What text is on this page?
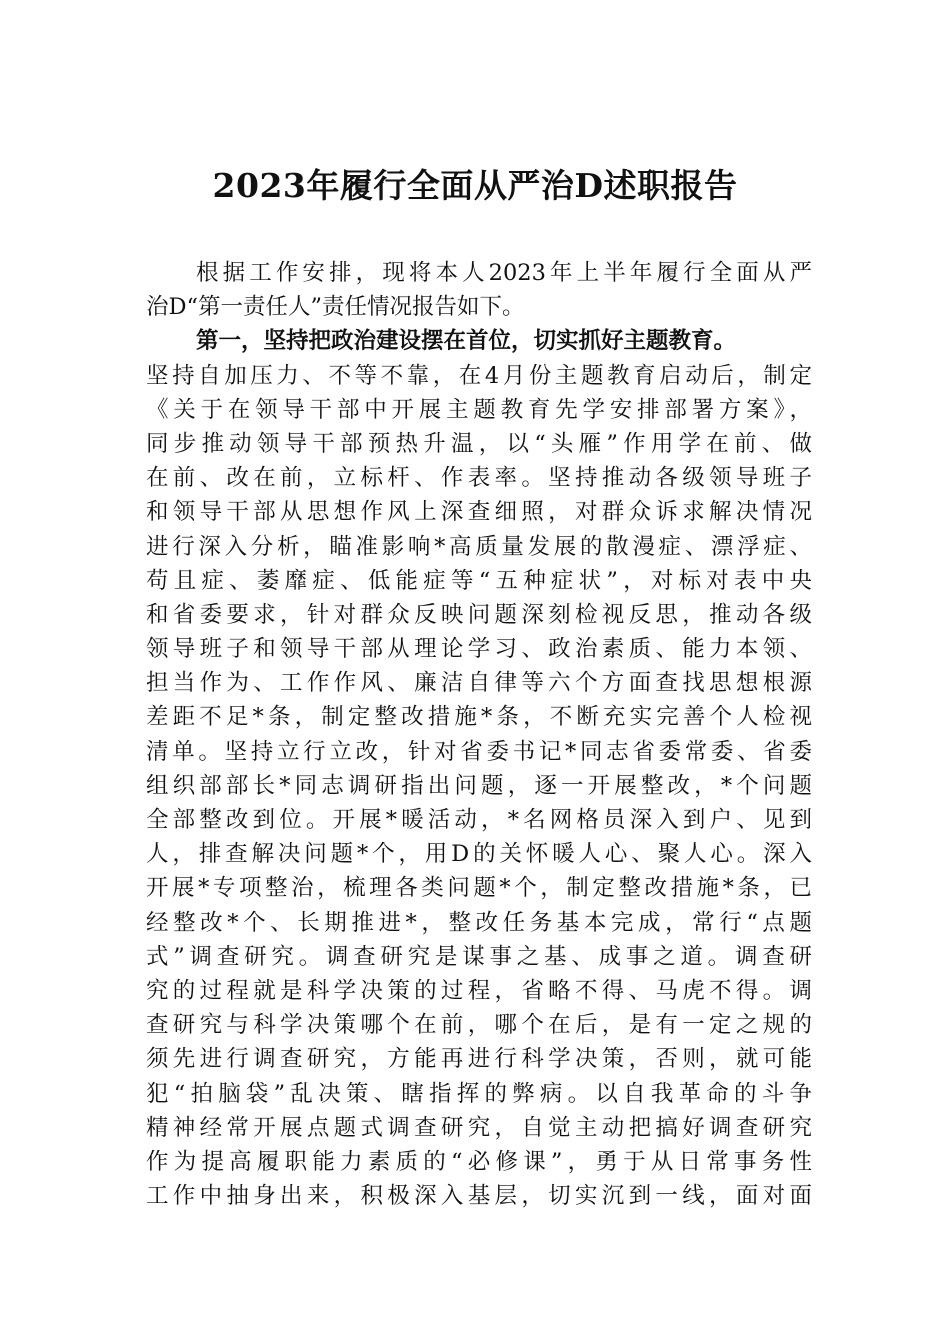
2023年履行全面从严治D述职报告
根据工作安排，现将本人2023年上半年履行全面从严
治D“第一责任人”责任情况报告如下。
第一，坚持把政治建设摆在首位，切实抓好主题教育。
坚持自加压力、不等不靠，在4月份主题教育启动后，制定
《关于在领导干部中开展主题教育先学安排部署方案》，
同步推动领导干部预热升温，以“头雁”作用学在前、做
在前、改在前，立标杆、作表率。坚持推动各级领导班子
和领导干部从思想作风上深查细照，对群众诉求解决情况
进行深入分析，瞄准影响*高质量发展的散漫症、漂浮症、
苟且症、萎靡症、低能症等“五种症状”，对标对表中央
和省委要求，针对群众反映问题深刻检视反思，推动各级
领导班子和领导干部从理论学习、政治素质、能力本领、
担当作为、工作作风、廉洁自律等六个方面查找思想根源
差距不足*条，制定整改措施*条，不断充实完善个人检视
清单。坚持立行立改，针对省委书记*同志省委常委、省委
组织部部长*同志调研指出问题，逐一开展整改，*个问题
全部整改到位。开展*暖活动，*名网格员深入到户、见到
人，排查解决问题*个，用D的关怀暖人心、聚人心。深入
开展*专项整治，梳理各类问题*个，制定整改措施*条，已
经整改*个、长期推进*，整改任务基本完成，常行“点题
式”调查研究。调查研究是谋事之基、成事之道。调查研
究的过程就是科学决策的过程，省略不得、马虎不得。调
查研究与科学决策哪个在前，哪个在后，是有一定之规的
须先进行调查研究，方能再进行科学决策，否则，就可能
犯“拍脑袋”乱决策、瞎指挥的弊病。以自我革命的斗争
精神经常开展点题式调查研究，自觉主动把搞好调查研究
作为提高履职能力素质的“必修课”，勇于从日常事务性
工作中抽身出来，积极深入基层，切实沉到一线，面对面
